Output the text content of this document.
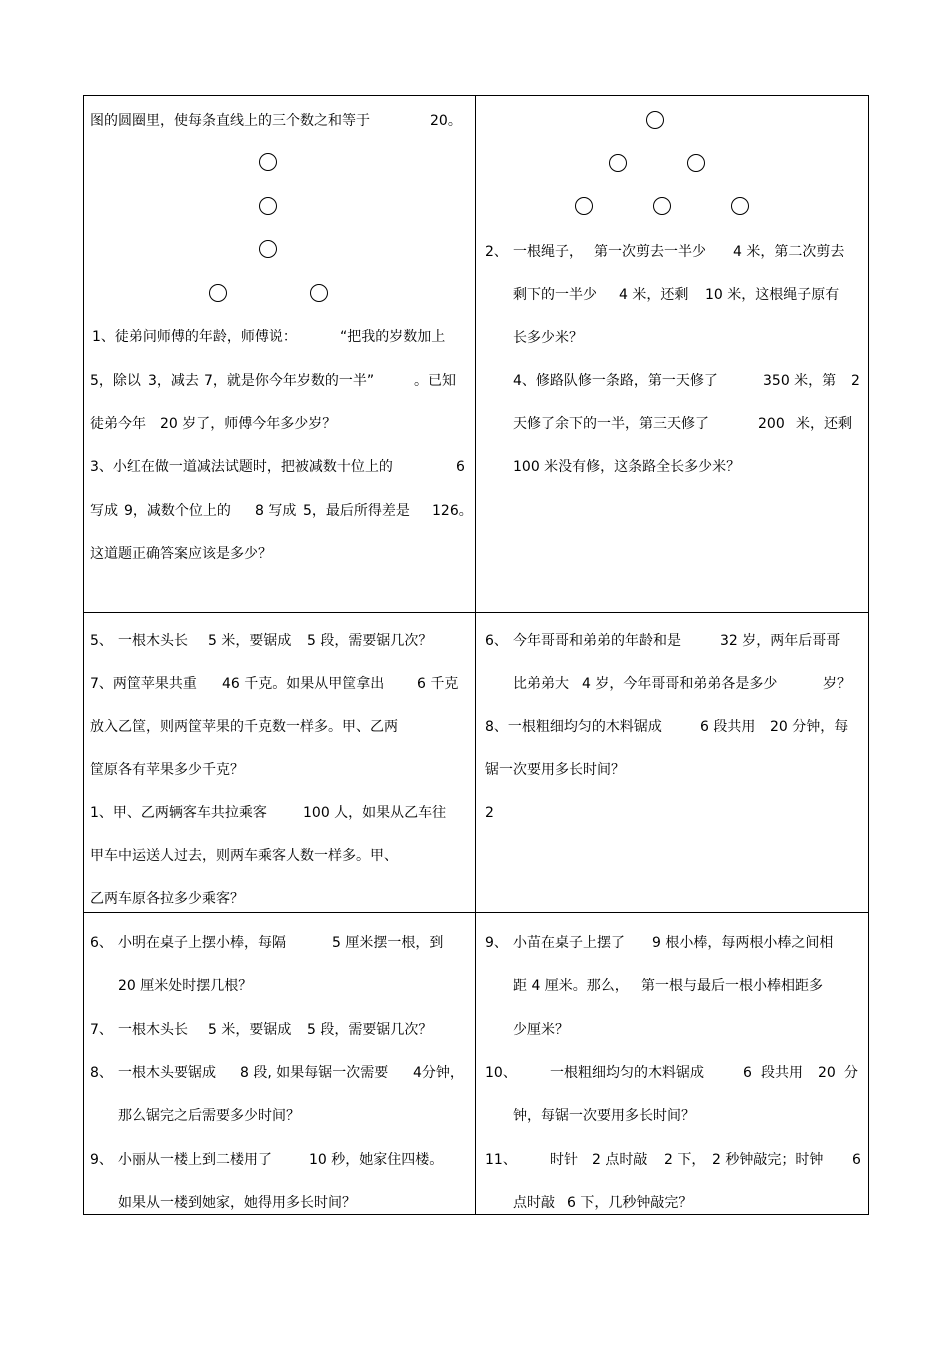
图的圆圈里，使每条直线上的三个数之和等于	20。
1、徒弟问师傅的年龄，师傅说：	“把我的岁数加上
5，除以 3，减去 7，就是你今年岁数的一半”	。已知
徒弟今年 20 岁了，师傅今年多少岁？
3、小红在做一道减法试题时，把被减数十位上的	6
写成 9，减数个位上的 8 写成 5，最后所得差是 126。
这道题正确答案应该是多少？
2、 一根绳子， 第一次剪去一半少 4 米，第二次剪去
剩下的一半少 4 米，还剩 10 米，这根绳子原有
长多少米？
4、修路队修一条路，第一天修了	350 米，第 2
天修了余下的一半，第三天修了	200 米，还剩
100 米没有修，这条路全长多少米？
5、 一根木头长 5 米，要锯成 5 段，需要锯几次？
7、两筐苹果共重 46 千克。如果从甲筐拿出 6 千克
放入乙筐，则两筐苹果的千克数一样多。甲、乙两
筐原各有苹果多少千克？
1、甲、乙两辆客车共拉乘客	100 人，如果从乙车往
甲车中运送人过去，则两车乘客人数一样多。甲、
乙两车原各拉多少乘客？
6、 今年哥哥和弟弟的年龄和是	32 岁，两年后哥哥
比弟弟大 4 岁，今年哥哥和弟弟各是多少	岁？
8、一根粗细均匀的木料锯成	6 段共用 20 分钟，每
锯一次要用多长时间？
2
6、 小明在桌子上摆小棒，每隔	5 厘米摆一根，到
20 厘米处时摆几根？
7、 一根木头长 5 米，要锯成 5 段，需要锯几次？
8、 一根木头要锯成 8 段, 如果每锯一次需要 4分钟，
那么锯完之后需要多少时间？
9、 小丽从一楼上到二楼用了	10 秒，她家住四楼。
如果从一楼到她家，她得用多长时间？
9、 小苗在桌子上摆了 9 根小棒，每两根小棒之间相
距 4 厘米。那么， 第一根与最后一根小棒相距多
少厘米？
10、 一根粗细均匀的木料锯成	6 段共用 20 分
钟，每锯一次要用多长时间？
11、 时针 2 点时敲 2 下， 2 秒钟敲完；时钟 6
点时敲 6 下，几秒钟敲完？
